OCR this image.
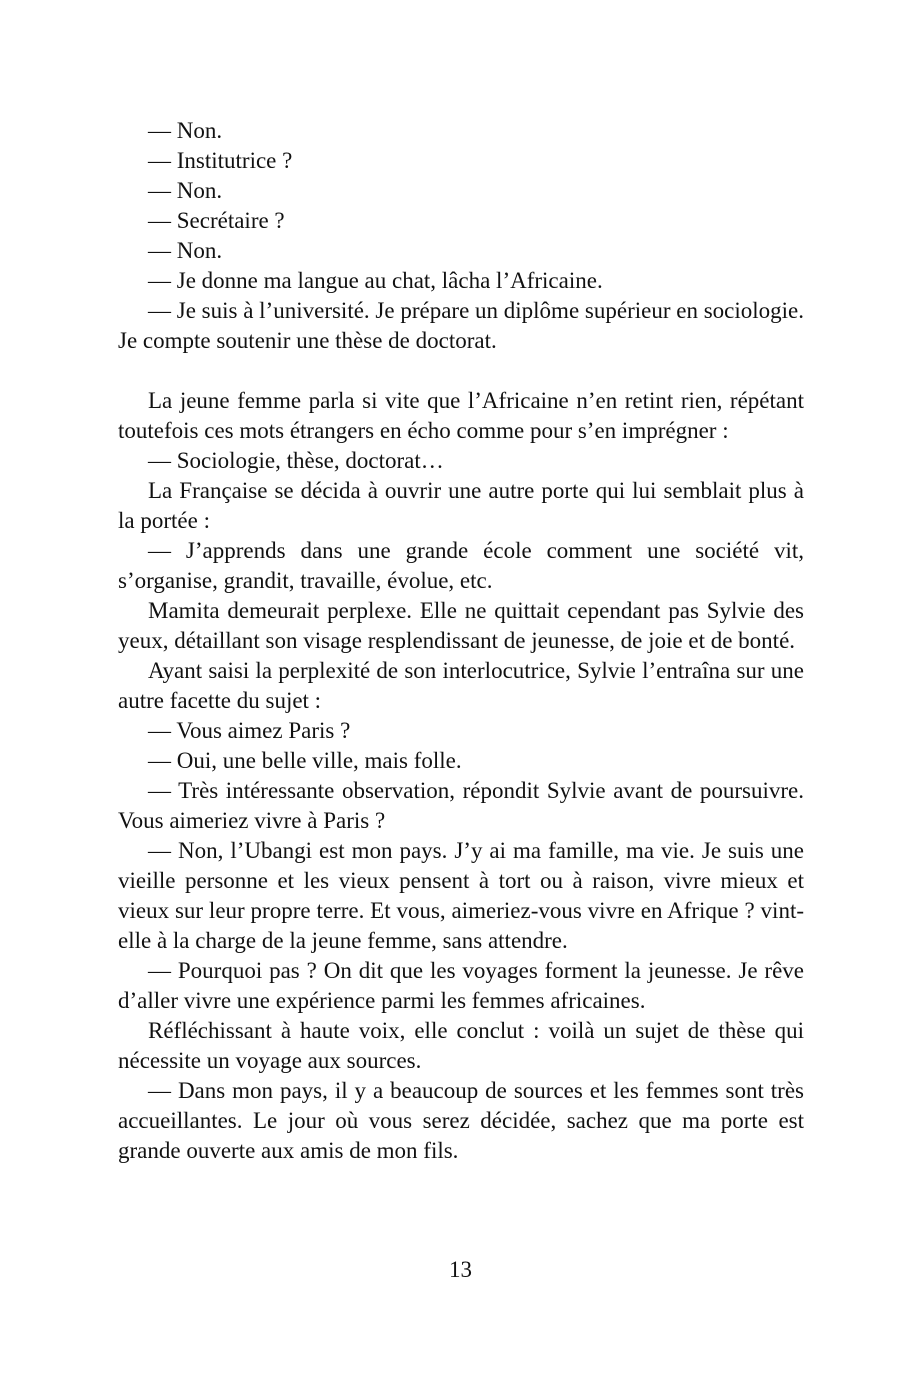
— Non.

— Institutrice ?

— Non.

— Secrétaire ?

— Non.

— Je donne ma langue au chat, lâcha l’Africaine.

— Je suis à l’université. Je prépare un diplôme supérieur en sociologie. Je compte soutenir une thèse de doctorat.

La jeune femme parla si vite que l’Africaine n’en retint rien, répétant toutefois ces mots étrangers en écho comme pour s’en imprégner :

— Sociologie, thèse, doctorat…

La Française se décida à ouvrir une autre porte qui lui semblait plus à la portée :

— J’apprends dans une grande école comment une société vit, s’organise, grandit, travaille, évolue, etc.

Mamita demeurait perplexe. Elle ne quittait cependant pas Sylvie des yeux, détaillant son visage resplendissant de jeunesse, de joie et de bonté.

Ayant saisi la perplexité de son interlocutrice, Sylvie l’entraîna sur une autre facette du sujet :

— Vous aimez Paris ?

— Oui, une belle ville, mais folle.

— Très intéressante observation, répondit Sylvie avant de poursuivre. Vous aimeriez vivre à Paris ?

— Non, l’Ubangi est mon pays. J’y ai ma famille, ma vie. Je suis une vieille personne et les vieux pensent à tort ou à raison, vivre mieux et vieux sur leur propre terre. Et vous, aimeriez-vous vivre en Afrique ? vint-elle à la charge de la jeune femme, sans attendre.

— Pourquoi pas ? On dit que les voyages forment la jeunesse. Je rêve d’aller vivre une expérience parmi les femmes africaines.

Réfléchissant à haute voix, elle conclut : voilà un sujet de thèse qui nécessite un voyage aux sources.

— Dans mon pays, il y a beaucoup de sources et les femmes sont très accueillantes. Le jour où vous serez décidée, sachez que ma porte est grande ouverte aux amis de mon fils.

13
